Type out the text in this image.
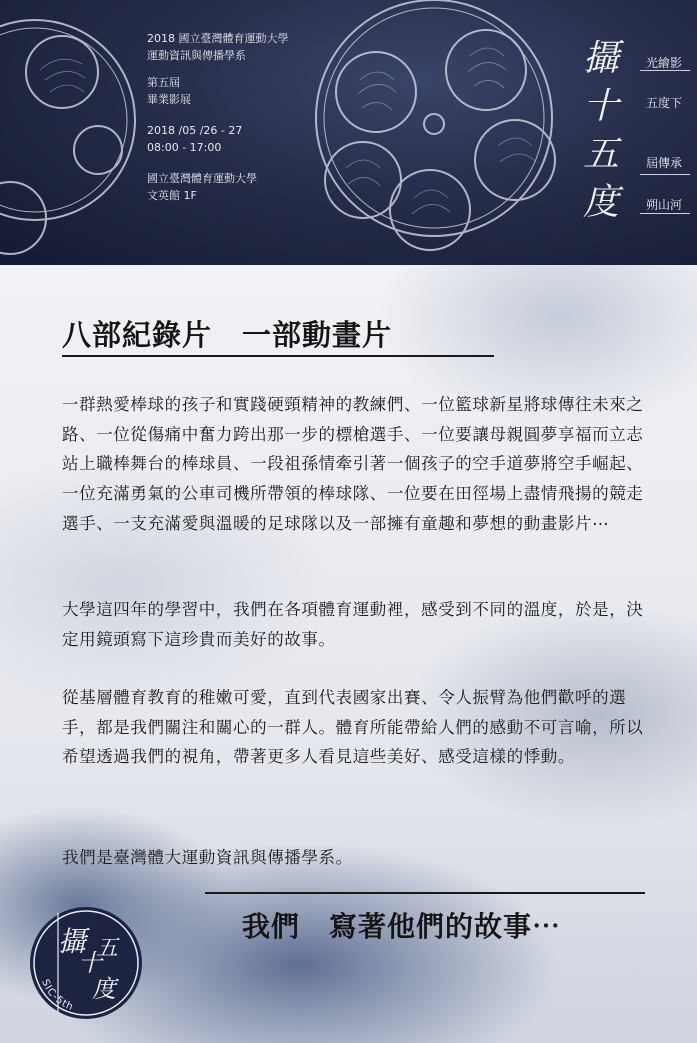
2018 國立臺灣體育運動大學
運動資訊與傳播學系
第五屆
畢業影展
2018 /05 /26 - 27
08:00 - 17:00
國立臺灣體育運動大學
文英館 1F
攝
十
五
度
光繪影
五度下
屆傳承
朔山河
八部紀錄片　一部動畫片

一群熱愛棒球的孩子和實踐硬頸精神的教練們、一位籃球新星將球傳往未來之路、一位從傷痛中奮力跨出那一步的標槍選手、一位要讓母親圓夢享福而立志站上職棒舞台的棒球員、一段祖孫情牽引著一個孩子的空手道夢將空手崛起、一位充滿勇氣的公車司機所帶領的棒球隊、一位要在田徑場上盡情飛揚的競走選手、一支充滿愛與溫暖的足球隊以及一部擁有童趣和夢想的動畫影片⋯

大學這四年的學習中，我們在各項體育運動裡，感受到不同的溫度，於是，決定用鏡頭寫下這珍貴而美好的故事。

從基層體育教育的稚嫩可愛，直到代表國家出賽、令人振臂為他們歡呼的選手，都是我們關注和關心的一群人。體育所能帶給人們的感動不可言喻，所以希望透過我們的視角，帶著更多人看見這些美好、感受這樣的悸動。

我們是臺灣體大運動資訊與傳播學系。

我們　寫著他們的故事⋯
攝
十
五
度
SIC-5th
